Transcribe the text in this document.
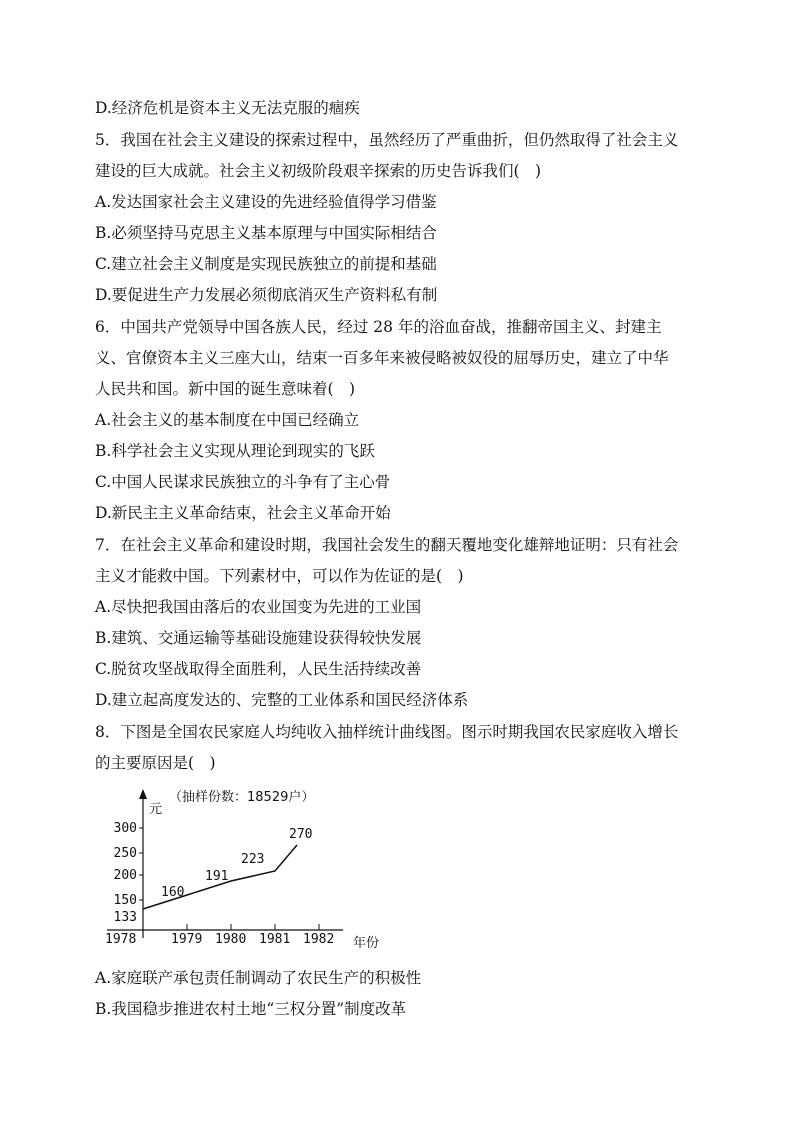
D.经济危机是资本主义无法克服的痼疾
5．我国在社会主义建设的探索过程中，虽然经历了严重曲折，但仍然取得了社会主义
建设的巨大成就。社会主义初级阶段艰辛探索的历史告诉我们(　)
A.发达国家社会主义建设的先进经验值得学习借鉴
B.必须坚持马克思主义基本原理与中国实际相结合
C.建立社会主义制度是实现民族独立的前提和基础
D.要促进生产力发展必须彻底消灭生产资料私有制
6．中国共产党领导中国各族人民，经过 28 年的浴血奋战，推翻帝国主义、封建主
义、官僚资本主义三座大山，结束一百多年来被侵略被奴役的屈辱历史，建立了中华
人民共和国。新中国的诞生意味着(　)
A.社会主义的基本制度在中国已经确立
B.科学社会主义实现从理论到现实的飞跃
C.中国人民谋求民族独立的斗争有了主心骨
D.新民主主义革命结束，社会主义革命开始
7．在社会主义革命和建设时期，我国社会发生的翻天覆地变化雄辩地证明：只有社会
主义才能救中国。下列素材中，可以作为佐证的是(　)
A.尽快把我国由落后的农业国变为先进的工业国
B.建筑、交通运输等基础设施建设获得较快发展
C.脱贫攻坚战取得全面胜利，人民生活持续改善
D.建立起高度发达的、完整的工业体系和国民经济体系
8．下图是全国农民家庭人均纯收入抽样统计曲线图。图示时期我国农民家庭收入增长
的主要原因是(　)
元
（抽样份数：18529户）
年份
150
200
250
300
133
1978	1979 1980 1981 1982
160
191
223
270
A.家庭联产承包责任制调动了农民生产的积极性
B.我国稳步推进农村土地“三权分置”制度改革
